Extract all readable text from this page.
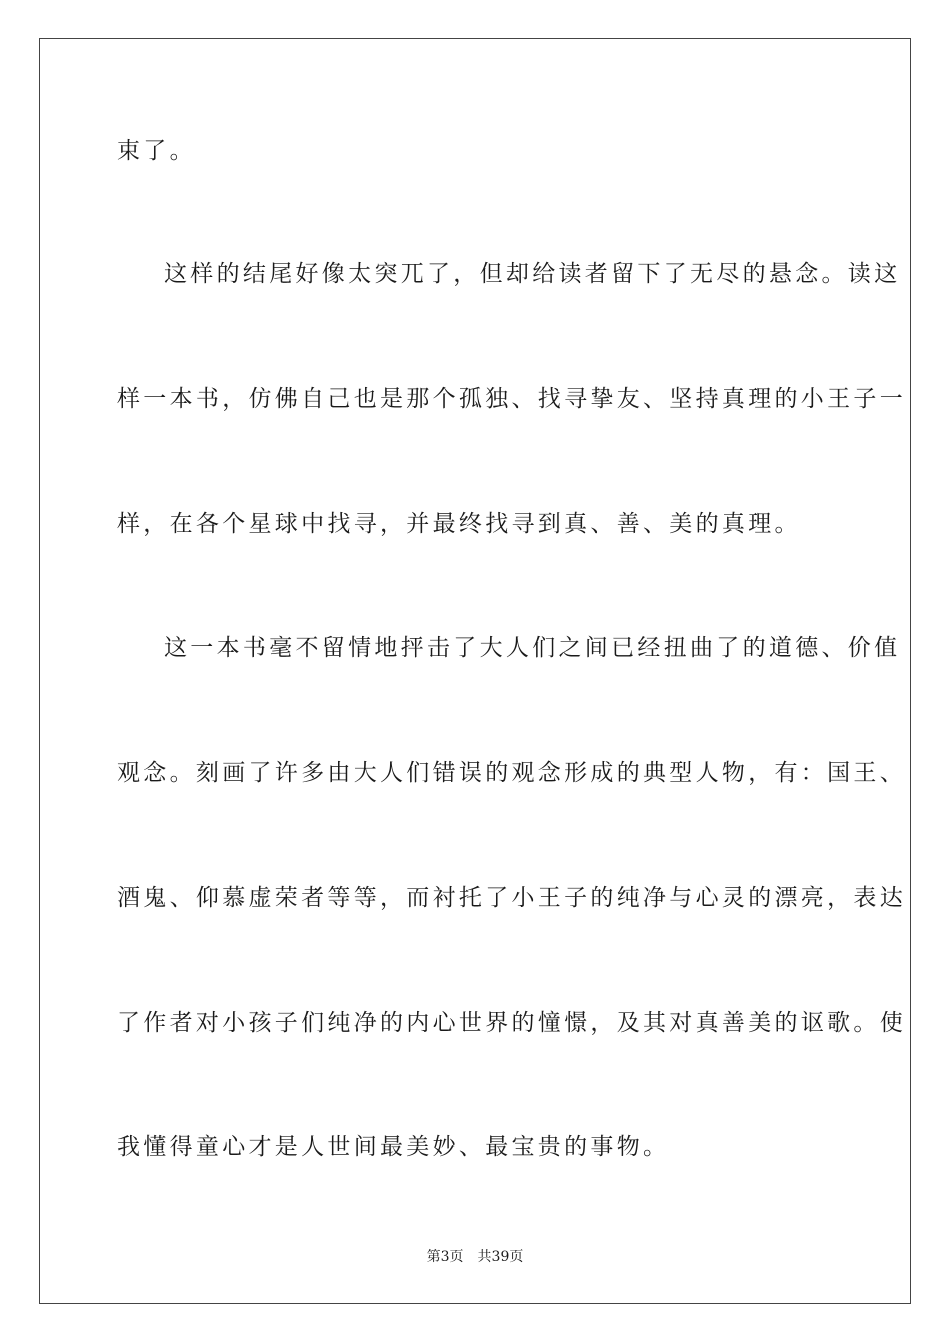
束了。
这样的结尾好像太突兀了，但却给读者留下了无尽的悬念。读这
样一本书，仿佛自己也是那个孤独、找寻挚友、坚持真理的小王子一
样，在各个星球中找寻，并最终找寻到真、善、美的真理。
这一本书毫不留情地抨击了大人们之间已经扭曲了的道德、价值
观念。刻画了许多由大人们错误的观念形成的典型人物，有：国王、
酒鬼、仰慕虚荣者等等，而衬托了小王子的纯净与心灵的漂亮，表达
了作者对小孩子们纯净的内心世界的憧憬，及其对真善美的讴歌。使
我懂得童心才是人世间最美妙、最宝贵的事物。
第3页 共39页
